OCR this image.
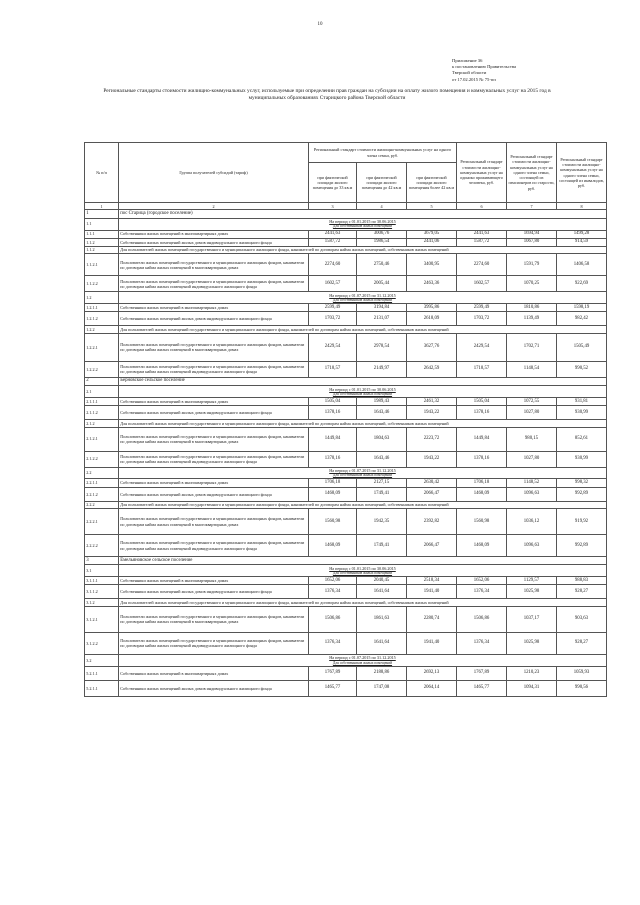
10
Приложение 36
к постановлению Правительства
Тверской области
от 17.02.2015 № 75-пп
Региональные стандарты стоимости жилищно-коммунальных услуг, используемые при определении прав граждан на субсидии на оплату жилого помещения и коммунальных услуг на 2015 год в муниципальных образованиях Старицкого района Тверской области
№ п/п	Группа получателей субсидий (тариф)	Региональный стандарт стоимости жилищно-коммунальных услуг на одного члена семьи, руб.			Региональный стандарт стоимости жилищно-коммунальных услуг на одиноко проживающего человека, руб.	Региональный стандарт стоимости жилищно-коммунальных услуг на одного члена семьи, состоящей из пенсионеров по старости, руб.	Региональный стандарт стоимости жилищно-коммунальных услуг на одного члена семьи, состоящей из инвалидов, руб.
		при фактической площади жилого помещения до 33 кв.м	при фактической площади жилого помещения до 42 кв.м	при фактической площади жилого помещения более 42 кв.м			
1	2	3	4	5	6	7	8
1	пос Старица (городское поселение)						
1.1	На период с 01.01.2015 по 30.06.2015
Для собственников жилых помещений						

1.1.1	Собственники жилых помещений в многоквартирных домах	2441,63	3006,76	3679,05	2441,63	1694,94	1499,28
1.1.2	Собственники жилых помещений жилых домов индивидуального жилищного фонда	1587,72	1986,54	2441,06	1587,72	1067,80	914,59
1.1.2	Для пользователей жилых помещений государственного и муниципального жилищного фонда, нанимателей по договорам найма жилых помещений, собственников жилых помещений						
1.1.2.1	Пользователи жилых помещений государственного и муниципального жилищных фондов, наниматели по договорам найма жилых помещений в многоквартирных домах	2274,60	2750,46	3400,95	2274,60	1591,79	1406,58
1.1.2.2	Пользователи жилых помещений государственного и муниципального жилищных фондов, наниматели по договорам найма жилых помещений индивидуального жилищного фонда	1602,57	2005,44	2463,36	1602,57	1070,25	922,69
1.2	На период с 01.07.2015 по 31.12.2015
Для собственников жилых помещений						

1.2.1.1	Собственники жилых помещений в многоквартирных домах	2599,49	3194,84	3995,86	2599,49	1810,86	1598,19
1.2.1.2	Собственники жилых помещений жилых домов индивидуального жилищного фонда	1703,72	2131,07	2618,09	1703,72	1139,49	982,42
1.2.2	Для пользователей жилых помещений государственного и муниципального жилищного фонда, нанимателей по договорам найма жилых помещений, собственников жилых помещений						
1.2.2.1	Пользователи жилых помещений государственного и муниципального жилищных фондов, наниматели по договорам найма жилых помещений в многоквартирных домах	2429,54	2978,54	3627,76	2429,54	1702,71	1505,49
1.2.2.2	Пользователи жилых помещений государственного и муниципального жилищных фондов, наниматели по договорам найма жилых помещений индивидуального жилищного фонда	1718,57	2149,97	2642,59	1718,57	1148,54	990,52
2	Берновское сельское поселение						
2.1	На период с 01.01.2015 по 30.06.2015
Для собственников жилых помещений						

2.1.1.1	Собственники жилых помещений в многоквартирных домах	1505,04	1989,43	2461,32	1505,04	1072,55	931,81
2.1.1.2	Собственники жилых помещений жилых домов индивидуального жилищного фонда	1378,16	1643,46	1943,22	1378,16	1027,80	930,99
2.1.2	Для пользователей жилых помещений государственного и муниципального жилищного фонда, нанимателей по договорам найма жилых помещений, собственников жилых помещений						
2.1.2.1	Пользователи жилых помещений государственного и муниципального жилищных фондов, наниматели по договорам найма жилых помещений в многоквартирных домах	1449,84	1804,63	2223,72	1449,84	980,15	852,61
2.1.2.2	Пользователи жилых помещений государственного и муниципального жилищных фондов, наниматели по договорам найма жилых помещений индивидуального жилищного фонда	1378,16	1643,46	1943,22	1378,16	1027,80	930,99
2.2	На период с 01.07.2015 по 31.12.2015
Для собственников жилых помещений						

2.2.1.1	Собственники жилых помещений в многоквартирных домах	1706,18	2127,15	2630,42	1706,18	1148,52	998,32
2.2.1.2	Собственники жилых помещений жилых домов индивидуального жилищного фонда	1468,09	1749,41	2066,47	1468,09	1096,63	992,89
2.2.2	Для пользователей жилых помещений государственного и муниципального жилищного фонда, нанимателей по договорам найма жилых помещений, собственников жилых помещений						
2.2.2.1	Пользователи жилых помещений государственного и муниципального жилищных фондов, наниматели по договорам найма жилых помещений в многоквартирных домах	1560,98	1942,35	2392,82	1560,98	1036,12	919,92
2.2.2.2	Пользователи жилых помещений государственного и муниципального жилищных фондов, наниматели по договорам найма жилых помещений индивидуального жилищного фонда	1468,09	1749,41	2066,47	1468,09	1096,63	992,89
3	Емельяновское сельское поселение						
3.1	На период с 01.01.2015 по 30.06.2015
Для собственников жилых помещений						

3.1.1.1	Собственники жилых помещений в многоквартирных домах	1652,06	2040,45	2518,34	1652,06	1129,57	988,83
3.1.1.2	Собственники жилых помещений жилых домов индивидуального жилищного фонда	1376,34	1641,64	1941,40	1376,34	1025,98	928,27
3.1.2	Для пользователей жилых помещений государственного и муниципального жилищного фонда, нанимателей по договорам найма жилых помещений, собственников жилых помещений						
3.1.2.1	Пользователи жилых помещений государственного и муниципального жилищных фондов, наниматели по договорам найма жилых помещений в многоквартирных домах	1506,86	1861,63	2280,74	1506,86	1037,17	903,63
3.1.2.2	Пользователи жилых помещений государственного и муниципального жилищных фондов, наниматели по договорам найма жилых помещений индивидуального жилищного фонда	1376,34	1641,64	1941,40	1376,34	1025,98	928,27
3.2	На период с 01.07.2015 по 31.12.2015
Для собственников жилых помещений						

5.2.1.1	Собственники жилых помещений в многоквартирных домах	1767,89	2188,86	2692,13	1767,89	1210,23	1059,93
5.2.1.1	Собственники жилых помещений жилых домов индивидуального жилищного фонда	1465,77	1747,08	2064,14	1465,77	1094,31	990,56
